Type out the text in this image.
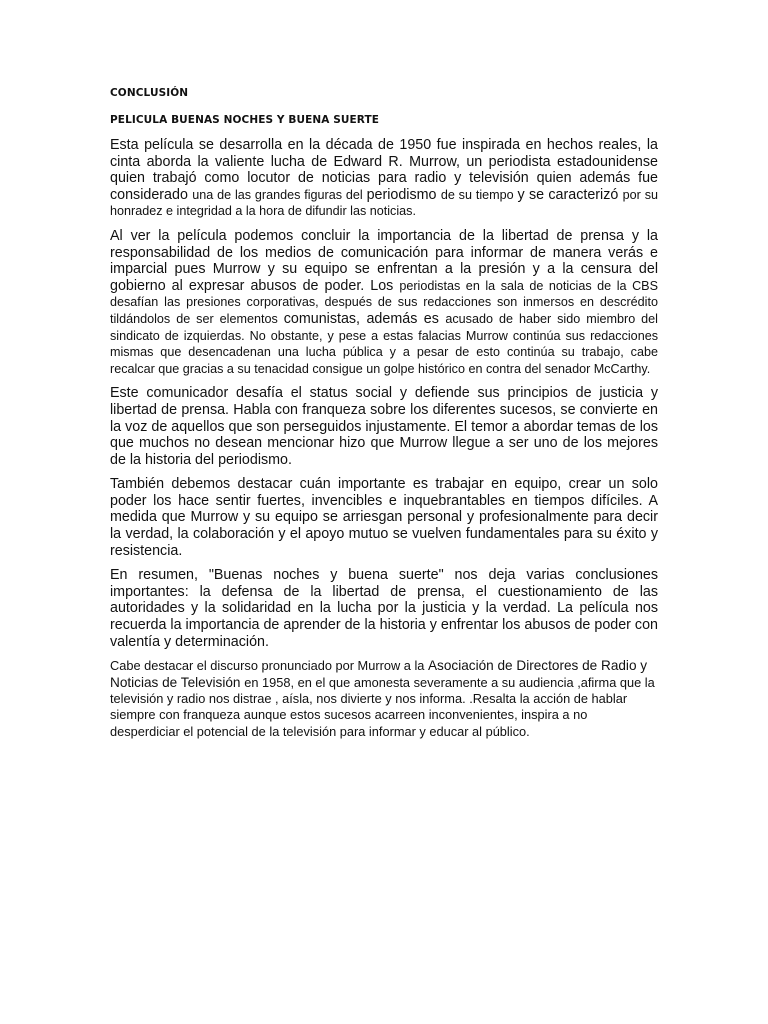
CONCLUSIÓN

PELICULA BUENAS NOCHES Y BUENA SUERTE

Esta película se desarrolla en la década de 1950 fue inspirada en hechos reales, la cinta aborda la valiente lucha de Edward R. Murrow, un periodista estadounidense quien trabajó como locutor de noticias para radio y televisión quien además fue considerado una de las grandes figuras del periodismo de su tiempo y se caracterizó por su honradez e integridad a la hora de difundir las noticias.

Al ver la película podemos concluir la importancia de la libertad de prensa y la responsabilidad de los medios de comunicación para informar de manera verás e imparcial pues Murrow y su equipo se enfrentan a la presión y a la censura del gobierno al expresar abusos de poder. Los periodistas en la sala de noticias de la CBS desafían las presiones corporativas, después de sus redacciones son inmersos en descrédito tildándolos de ser elementos comunistas, además es acusado de haber sido miembro del sindicato de izquierdas. No obstante, y pese a estas falacias Murrow continúa sus redacciones mismas que desencadenan una lucha pública y a pesar de esto continúa su trabajo, cabe recalcar que gracias a su tenacidad consigue un golpe histórico en contra del senador McCarthy.

Este comunicador desafía el status social y defiende sus principios de justicia y libertad de prensa. Habla con franqueza sobre los diferentes sucesos, se convierte en la voz de aquellos que son perseguidos injustamente. El temor a abordar temas de los que muchos no desean mencionar hizo que Murrow llegue a ser uno de los mejores de la historia del periodismo.

También debemos destacar cuán importante es trabajar en equipo, crear un solo poder los hace sentir fuertes, invencibles e inquebrantables en tiempos difíciles. A medida que Murrow y su equipo se arriesgan personal y profesionalmente para decir la verdad, la colaboración y el apoyo mutuo se vuelven fundamentales para su éxito y resistencia.

En resumen, "Buenas noches y buena suerte" nos deja varias conclusiones importantes: la defensa de la libertad de prensa, el cuestionamiento de las autoridades y la solidaridad en la lucha por la justicia y la verdad. La película nos recuerda la importancia de aprender de la historia y enfrentar los abusos de poder con valentía y determinación.

Cabe destacar el discurso pronunciado por Murrow a la Asociación de Directores de Radio y Noticias de Televisión en 1958, en el que amonesta severamente a su audiencia ,afirma que la televisión y radio nos distrae , aísla, nos divierte y nos informa. .Resalta la acción de hablar siempre con franqueza aunque estos sucesos acarreen inconvenientes, inspira a no desperdiciar el potencial de la televisión para informar y educar al público.
